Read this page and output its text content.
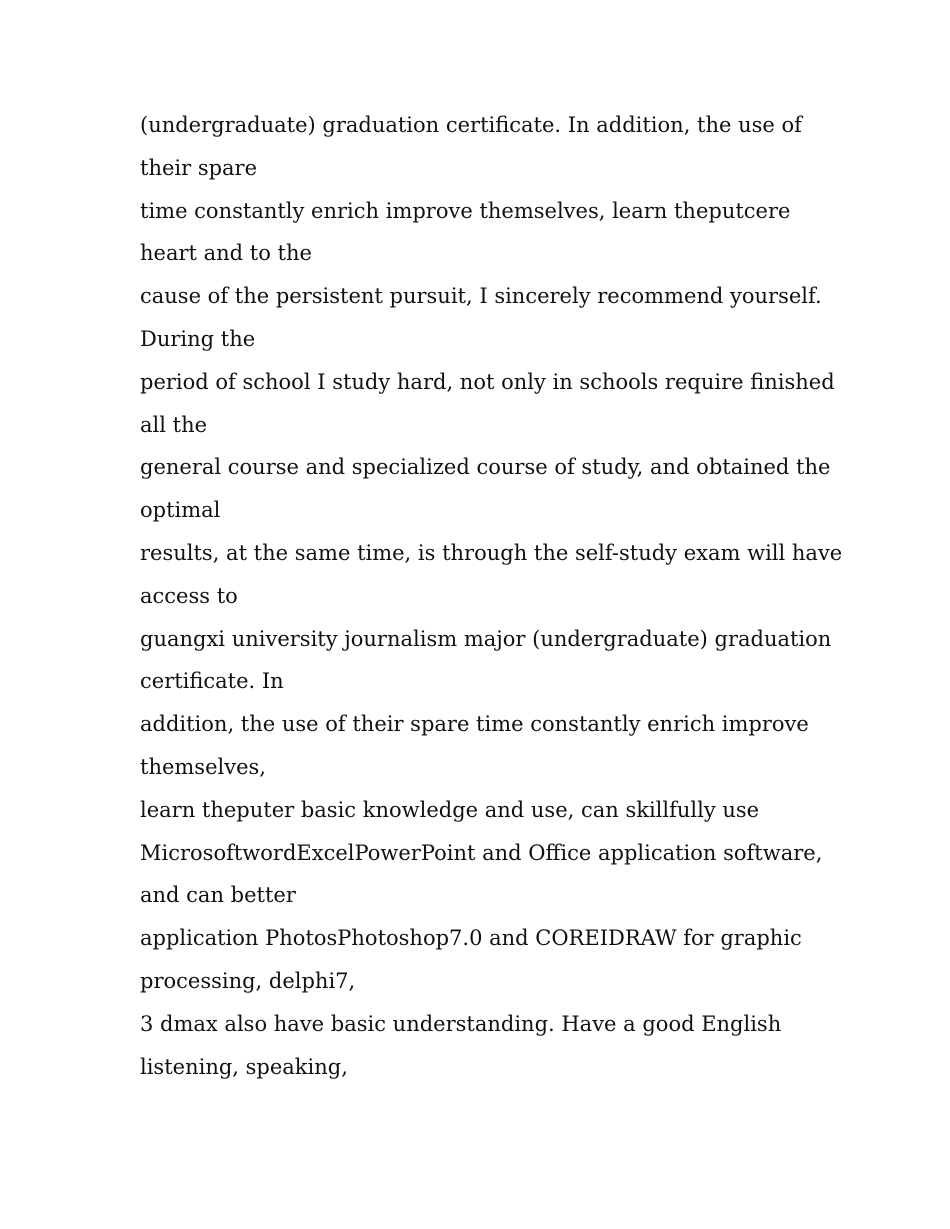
(undergraduate) graduation certificate. In addition, the use of
their spare
time constantly enrich improve themselves, learn theputcere
heart and to the
cause of the persistent pursuit, I sincerely recommend yourself.
During the
period of school I study hard, not only in schools require finished
all the
general course and specialized course of study, and obtained the
optimal
results, at the same time, is through the self-study exam will have
access to
guangxi university journalism major (undergraduate) graduation
certificate. In
addition, the use of their spare time constantly enrich improve
themselves,
learn theputer basic knowledge and use, can skillfully use
MicrosoftwordExcelPowerPoint and Office application software,
and can better
application PhotosPhotoshop7.0 and COREIDRAW for graphic
processing, delphi7,
3 dmax also have basic understanding. Have a good English
listening, speaking,
